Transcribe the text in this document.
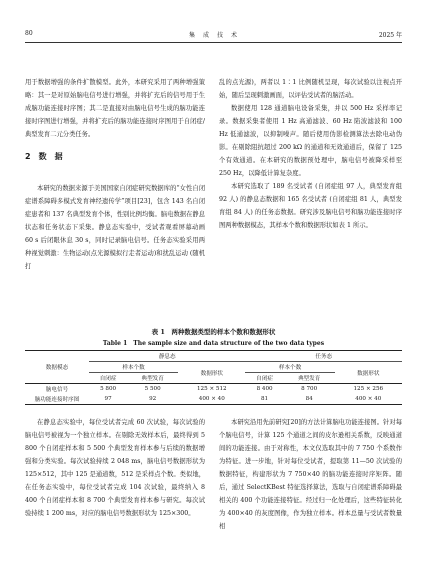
80	集　成　技　术	2025 年

用于数据增强的条件扩散模型。此外，本研究采用了两种增强策略：其一是对原始脑电信号进行增强，并将扩充后的信号用于生成脑功能连接时序图；其二是直接对由脑电信号生成的脑功能连接时序图进行增强，并将扩充后的脑功能连接时序图用于自闭症/典型发育二元分类任务。

2　数　据

本研究的数据来源于美国国家自闭症研究数据库的“女性自闭症谱系障碍多模式发育神经遗传学”项目[23]，包含 143 名自闭症患者和 137 名典型发育个体，性别比例均衡。脑电数据在静息状态和任务状态下采集。静息态实验中，受试者观看屏幕动画 60 s 后闭眼休息 30 s，同时记录脑电信号。任务态实验采用两种视觉刺激：生物运动(点光源模拟行走者运动)和扰乱运动 (随机打

乱的点光源)，两者以 1∶1 比例随机呈现，每次试验以注视点开始，随后呈现刺激画面，以评估受试者的脑活动。

数据使用 128 通道脑电设备采集，并以 500 Hz 采样率记录。数据采集者使用 1 Hz 高通滤波、60 Hz 陷波滤波和 100 Hz 低通滤波，以抑制噪声。随后使用伪影检测算法去除电动伪影。在剔除阻抗超过 200 kΩ 的通道和无效通道后，保留了 125 个有效通道。在本研究的数据预处理中，脑电信号被降采样至 250 Hz，以降低计算复杂度。

本研究选取了 189 名受试者 (自闭症组 97 人，典型发育组 92 人) 的静息态数据和 165 名受试者 (自闭症组 81 人，典型发育组 84 人) 的任务态数据。研究涉及脑电信号和脑功能连接时序图两种数据模态，其样本个数和数据形状如表 1 所示。

表 1　两种数据类型的样本个数和数据形状
Table 1　The sample size and data structure of the two data types
数据模态	静息态			任务态		
	样本个数		数据形状	样本个数		数据形状
	自闭症	典型发育		自闭症	典型发育	
脑电信号	5 800	5 500	125 × 512	8 400	8 700	125 × 256
脑功能连接时序图	97	92	400 × 40	81	84	400 × 40

在静息态实验中，每位受试者完成 60 次试验，每次试验的脑电信号被视为一个独立样本。在剔除无效样本后，最终得到 5 800 个自闭症样本和 5 500 个典型发育样本参与后续的数据增强和分类实验。每次试验持续 2 048 ms，脑电信号数据形状为 125×512，其中 125 是通道数，512 是采样点个数。类似地，在任务态实验中，每位受试者完成 104 次试验，最终纳入 8 400 个自闭症样本和 8 700 个典型发育样本参与研究。每次试验持续 1 200 ms，对应的脑电信号数据形状为 125×300。

本研究沿用先前研究[20]的方法计算脑电功能连接图。针对每个脑电信号，计算 125 个通道之间的皮尔逊相关系数，反映通道间的功能连接。由于对称性，本文仅选取其中的 7 750 个系数作为特征。进一步地，针对每位受试者，提取第 11—50 次试验的数据特征，构建形状为 7 750×40 的脑功能连接时序矩阵。随后，通过 SelectKBest 特征选择算法，选取与自闭症谱系障碍最相关的 400 个功能连接特征。经过归一化处理后，这些特征转化为 400×40 的灰度图像，作为独立样本。样本总量与受试者数量相
